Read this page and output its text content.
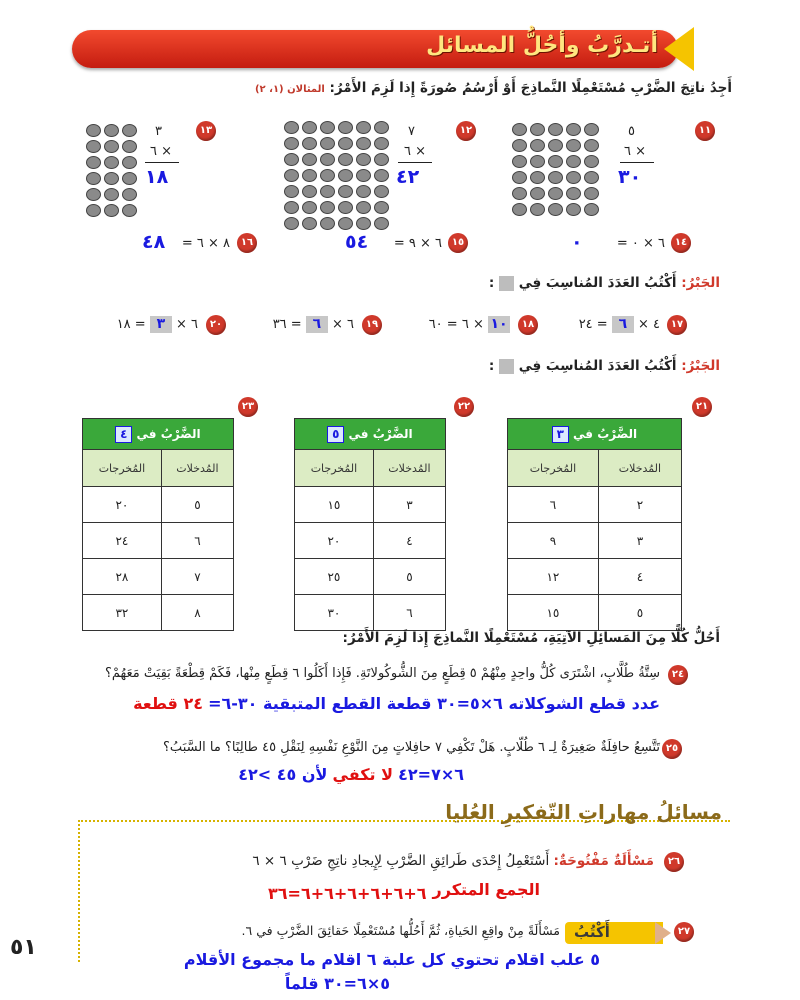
أتـدرَّبُ وأحُلُّ المسائل
أَجِدُ ناتِجَ الضَّرْبِ مُسْتَعْمِلًا النَّماذِجَ أَوْ أَرْسُمُ صُورَةً إِذا لَزِمَ الأَمْرُ: المثالان (١، ٢)
١١
٥
٦ ×
٣٠
١٢
٧
٦ ×
٤٢
١٣
٣
٦ ×
١٨
١٤
٦ × ٠ =
٠
١٥
٦ × ٩ =
٥٤
١٦
٨ × ٦ =
٤٨
الجَبْرُ: أَكْتُبُ العَدَدَ المُناسِبَ فِي  :
١٧
٤ × ٦ = ٢٤
١٨
١٠ × ٦ = ٦٠
١٩
٦ × ٦ = ٣٦
٢٠
٦ × ٣ = ١٨
الجَبْرُ: أَكْتُبُ العَدَدَ المُناسِبَ فِي  :
٢١
الضَّرْبُ في ٣	
المُدخلات	المُخرجات
٢	٦
٣	٩
٤	١٢
٥	١٥
٢٢
الضَّرْبُ في ٥	
المُدخلات	المُخرجات
٣	١٥
٤	٢٠
٥	٢٥
٦	٣٠
٢٣
الضَّرْبُ في ٤	
المُدخلات	المُخرجات
٥	٢٠
٦	٢٤
٧	٢٨
٨	٣٢
أَحُلُّ كُلًّا مِنَ المَسائِلِ الآتِيَةِ، مُسْتَعْمِلًا النَّماذِجَ إِذا لَزِمَ الأَمْرُ:
٢٤
سِتَّةُ طُلَّابٍ، اشْتَرَى كُلُّ واحِدٍ مِنْهُمْ ٥ قِطَعٍ مِنَ الشُّوكُولاتَةِ. فَإِذا أَكَلُوا ٦ قِطَعٍ مِنْها، فَكَمْ قِطْعَةً بَقِيَتْ مَعَهُمْ؟
عدد قطع الشوكلاته ٦×٥=٣٠ قطعة القطع المتبقية ٣٠-٦= ٢٤ قطعة
٢٥
تَتَّسِعُ حافِلَةٌ صَغِيرَةٌ لِـ ٦ طُلّابٍ. هَلْ تَكْفِي ٧ حافِلاتٍ مِنَ النَّوْعِ نَفْسِهِ لِنَقْلِ ٤٥ طالِبًا؟ ما السَّبَبُ؟
٦×٧=٤٢ لا تكفي لأن ٤٥ >٤٢
مسائلُ مهاراتِ التّفكيرِ العُليا
٢٦
مَسْأَلَةٌ مَفْتُوحَةٌ: أَسْتَعْمِلُ إِحْدَى طَرائِقِ الضَّرْبِ لِإِيجادِ ناتِجِ ضَرْبِ ٦ × ٦
الجمع المتكرر
٦+٦+٦+٦+٦+٦=٣٦
٢٧
أَكْتُبُ
مَسْأَلَةً مِنْ واقِعِ الحَياةِ، ثُمَّ أَحُلُّها مُسْتَعْمِلًا حَقائِقَ الضَّرْبِ في ٦.
٥ علب اقلام تحتوي كل علبة ٦ اقلام ما مجموع الأقلام
٥×٦=٣٠ قلماً
٥١
